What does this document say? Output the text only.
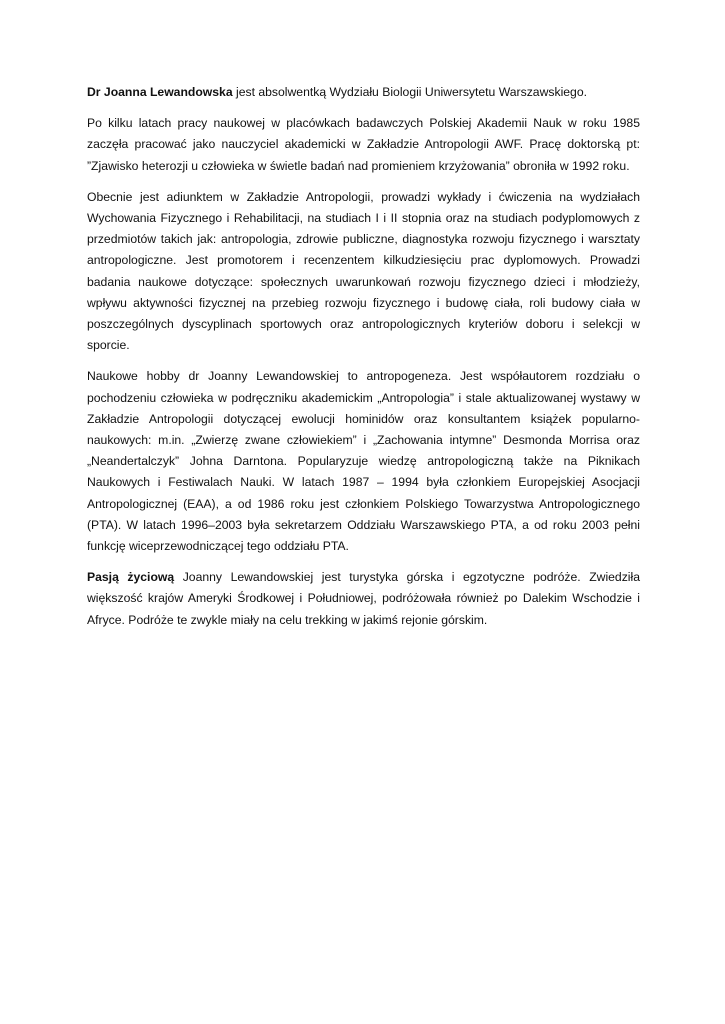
Dr Joanna Lewandowska jest absolwentką Wydziału Biologii Uniwersytetu Warszawskiego.

Po kilku latach pracy naukowej w placówkach badawczych Polskiej Akademii Nauk w roku 1985 zaczęła pracować jako nauczyciel akademicki w Zakładzie Antropologii AWF. Pracę doktorską pt: ”Zjawisko heterozji u człowieka w świetle badań nad promieniem krzyżowania” obroniła w 1992 roku.

Obecnie jest adiunktem w Zakładzie Antropologii, prowadzi wykłady i ćwiczenia na wydziałach Wychowania Fizycznego i Rehabilitacji, na studiach I i II stopnia oraz na studiach podyplomowych z przedmiotów takich jak: antropologia, zdrowie publiczne, diagnostyka rozwoju fizycznego i warsztaty antropologiczne. Jest promotorem i recenzentem kilkudziesięciu prac dyplomowych. Prowadzi badania naukowe dotyczące: społecznych uwarunkowań rozwoju fizycznego dzieci i młodzieży, wpływu aktywności fizycznej na przebieg rozwoju fizycznego i budowę ciała, roli budowy ciała w poszczególnych dyscyplinach sportowych oraz antropologicznych kryteriów doboru i selekcji w sporcie.

Naukowe hobby dr Joanny Lewandowskiej to antropogeneza. Jest współautorem rozdziału o pochodzeniu człowieka w podręczniku akademickim „Antropologia” i stale aktualizowanej wystawy w Zakładzie Antropologii dotyczącej ewolucji hominidów oraz konsultantem książek popularno-naukowych: m.in. „Zwierzę zwane człowiekiem” i „Zachowania intymne” Desmonda Morrisa oraz „Neandertalczyk” Johna Darntona. Popularyzuje wiedzę antropologiczną także na Piknikach Naukowych i Festiwalach Nauki. W latach 1987 – 1994 była członkiem Europejskiej Asocjacji Antropologicznej (EAA), a od 1986 roku jest członkiem Polskiego Towarzystwa Antropologicznego (PTA). W latach 1996–2003 była sekretarzem Oddziału Warszawskiego PTA, a od roku 2003 pełni funkcję wiceprzewodniczącej tego oddziału PTA.

Pasją życiową Joanny Lewandowskiej jest turystyka górska i egzotyczne podróże. Zwiedziła większość krajów Ameryki Środkowej i Południowej, podróżowała również po Dalekim Wschodzie i Afryce. Podróże te zwykle miały na celu trekking w jakimś rejonie górskim.
